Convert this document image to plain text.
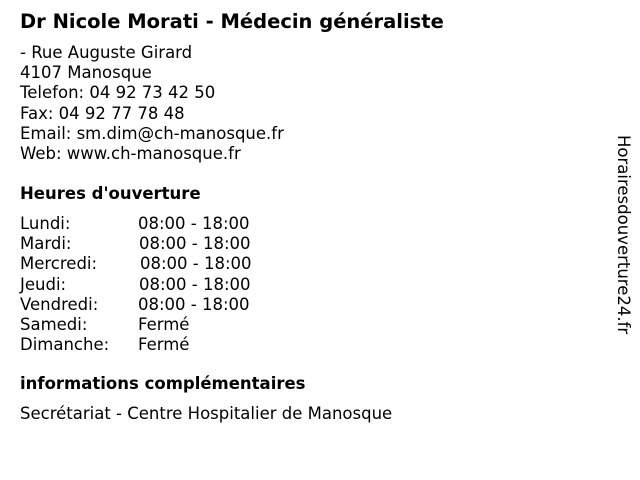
Dr Nicole Morati - Médecin généraliste
- Rue Auguste Girard
4107 Manosque
Telefon: 04 92 73 42 50
Fax: 04 92 77 78 48
Email: sm.dim@ch-manosque.fr
Web: www.ch-manosque.fr
Heures d'ouverture
Lundi:	08:00 - 18:00
Mardi:	08:00 - 18:00
Mercredi:	08:00 - 18:00
Jeudi:	08:00 - 18:00
Vendredi: 08:00 - 18:00
Samedi:	Fermé
Dimanche: Fermé
informations complémentaires
Secrétariat - Centre Hospitalier de Manosque
Horairesdouverture24.fr
